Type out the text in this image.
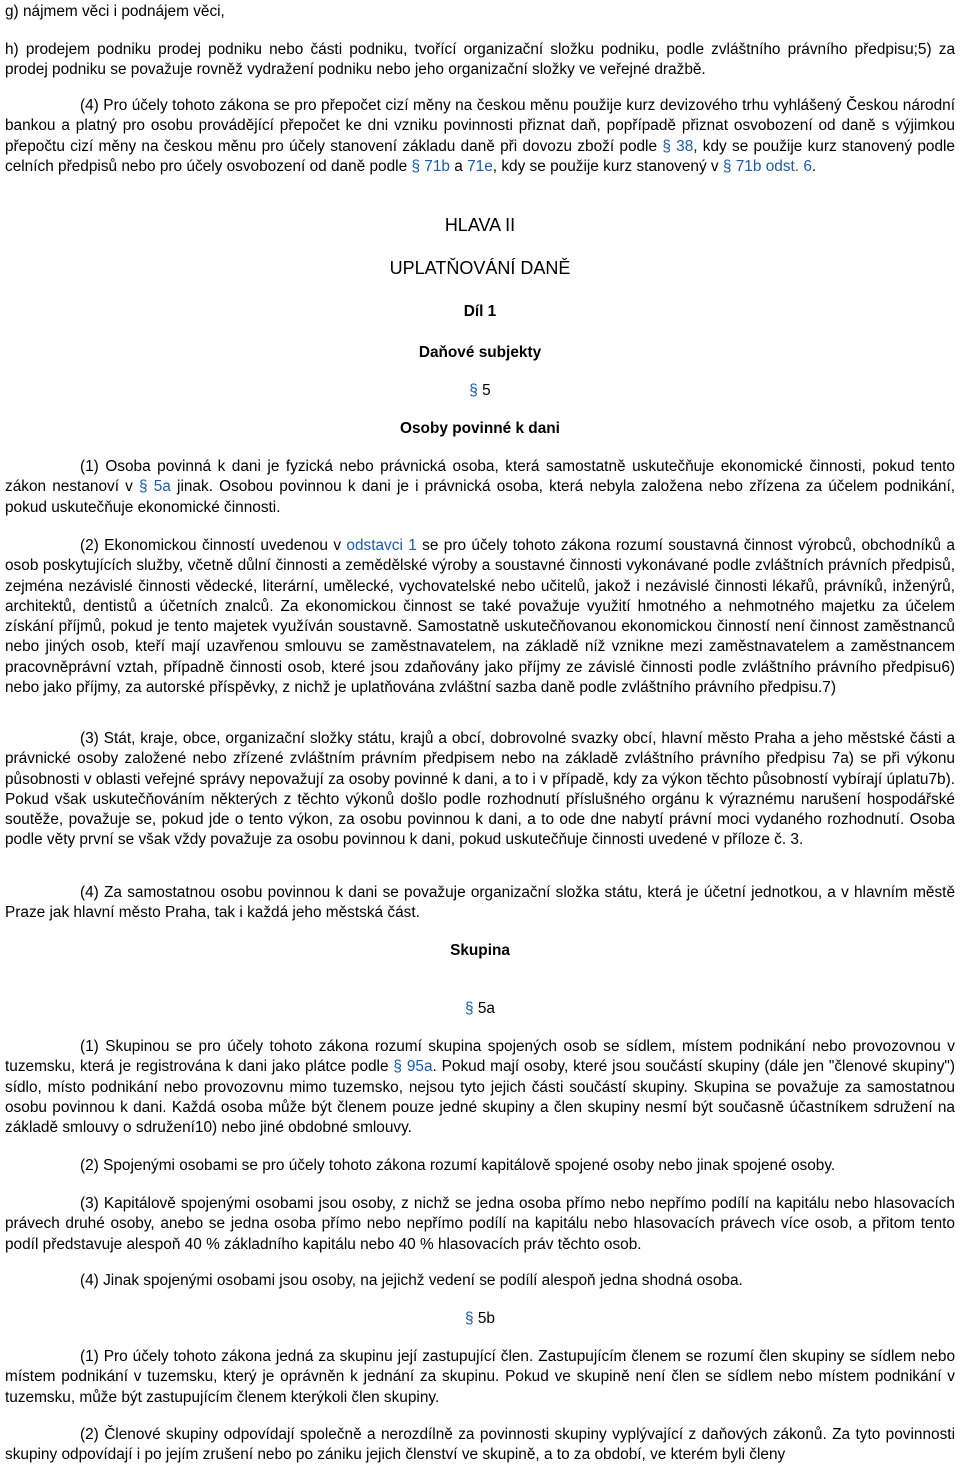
g) nájmem věci i podnájem věci,

h) prodejem podniku prodej podniku nebo části podniku, tvořící organizační složku podniku, podle zvláštního právního předpisu;5) za prodej podniku se považuje rovněž vydražení podniku nebo jeho organizační složky ve veřejné dražbě.

(4) Pro účely tohoto zákona se pro přepočet cizí měny na českou měnu použije kurz devizového trhu vyhlášený Českou národní bankou a platný pro osobu provádějící přepočet ke dni vzniku povinnosti přiznat daň, popřípadě přiznat osvobození od daně s výjimkou přepočtu cizí měny na českou měnu pro účely stanovení základu daně při dovozu zboží podle § 38, kdy se použije kurz stanovený podle celních předpisů nebo pro účely osvobození od daně podle § 71b a 71e, kdy se použije kurz stanovený v § 71b odst. 6.

HLAVA II
UPLATŇOVÁNÍ DANĚ
Díl 1
Daňové subjekty
§ 5
Osoby povinné k dani

(1) Osoba povinná k dani je fyzická nebo právnická osoba, která samostatně uskutečňuje ekonomické činnosti, pokud tento zákon nestanoví v § 5a jinak. Osobou povinnou k dani je i právnická osoba, která nebyla založena nebo zřízena za účelem podnikání, pokud uskutečňuje ekonomické činnosti.

(2) Ekonomickou činností uvedenou v odstavci 1 se pro účely tohoto zákona rozumí soustavná činnost výrobců, obchodníků a osob poskytujících služby, včetně důlní činnosti a zemědělské výroby a soustavné činnosti vykonávané podle zvláštních právních předpisů, zejména nezávislé činnosti vědecké, literární, umělecké, vychovatelské nebo učitelů, jakož i nezávislé činnosti lékařů, právníků, inženýrů, architektů, dentistů a účetních znalců. Za ekonomickou činnost se také považuje využití hmotného a nehmotného majetku za účelem získání příjmů, pokud je tento majetek využíván soustavně. Samostatně uskutečňovanou ekonomickou činností není činnost zaměstnanců nebo jiných osob, kteří mají uzavřenou smlouvu se zaměstnavatelem, na základě níž vznikne mezi zaměstnavatelem a zaměstnancem pracovněprávní vztah, případně činnosti osob, které jsou zdaňovány jako příjmy ze závislé činnosti podle zvláštního právního předpisu6) nebo jako příjmy, za autorské příspěvky, z nichž je uplatňována zvláštní sazba daně podle zvláštního právního předpisu.7)

(3) Stát, kraje, obce, organizační složky státu, krajů a obcí, dobrovolné svazky obcí, hlavní město Praha a jeho městské části a právnické osoby založené nebo zřízené zvláštním právním předpisem nebo na základě zvláštního právního předpisu 7a) se při výkonu působnosti v oblasti veřejné správy nepovažují za osoby povinné k dani, a to i v případě, kdy za výkon těchto působností vybírají úplatu7b). Pokud však uskutečňováním některých z těchto výkonů došlo podle rozhodnutí příslušného orgánu k výraznému narušení hospodářské soutěže, považuje se, pokud jde o tento výkon, za osobu povinnou k dani, a to ode dne nabytí právní moci vydaného rozhodnutí. Osoba podle věty první se však vždy považuje za osobu povinnou k dani, pokud uskutečňuje činnosti uvedené v příloze č. 3.

(4) Za samostatnou osobu povinnou k dani se považuje organizační složka státu, která je účetní jednotkou, a v hlavním městě Praze jak hlavní město Praha, tak i každá jeho městská část.

Skupina
§ 5a

(1) Skupinou se pro účely tohoto zákona rozumí skupina spojených osob se sídlem, místem podnikání nebo provozovnou v tuzemsku, která je registrována k dani jako plátce podle § 95a. Pokud mají osoby, které jsou součástí skupiny (dále jen "členové skupiny") sídlo, místo podnikání nebo provozovnu mimo tuzemsko, nejsou tyto jejich části součástí skupiny. Skupina se považuje za samostatnou osobu povinnou k dani. Každá osoba může být členem pouze jedné skupiny a člen skupiny nesmí být současně účastníkem sdružení na základě smlouvy o sdružení10) nebo jiné obdobné smlouvy.

(2) Spojenými osobami se pro účely tohoto zákona rozumí kapitálově spojené osoby nebo jinak spojené osoby.

(3) Kapitálově spojenými osobami jsou osoby, z nichž se jedna osoba přímo nebo nepřímo podílí na kapitálu nebo hlasovacích právech druhé osoby, anebo se jedna osoba přímo nebo nepřímo podílí na kapitálu nebo hlasovacích právech více osob, a přitom tento podíl představuje alespoň 40 % základního kapitálu nebo 40 % hlasovacích práv těchto osob.

(4) Jinak spojenými osobami jsou osoby, na jejichž vedení se podílí alespoň jedna shodná osoba.

§ 5b

(1) Pro účely tohoto zákona jedná za skupinu její zastupující člen. Zastupujícím členem se rozumí člen skupiny se sídlem nebo místem podnikání v tuzemsku, který je oprávněn k jednání za skupinu. Pokud ve skupině není člen se sídlem nebo místem podnikání v tuzemsku, může být zastupujícím členem kterýkoli člen skupiny.

(2) Členové skupiny odpovídají společně a nerozdílně za povinnosti skupiny vyplývající z daňových zákonů. Za tyto povinnosti skupiny odpovídají i po jejím zrušení nebo po zániku jejich členství ve skupině, a to za období, ve kterém byli členy
